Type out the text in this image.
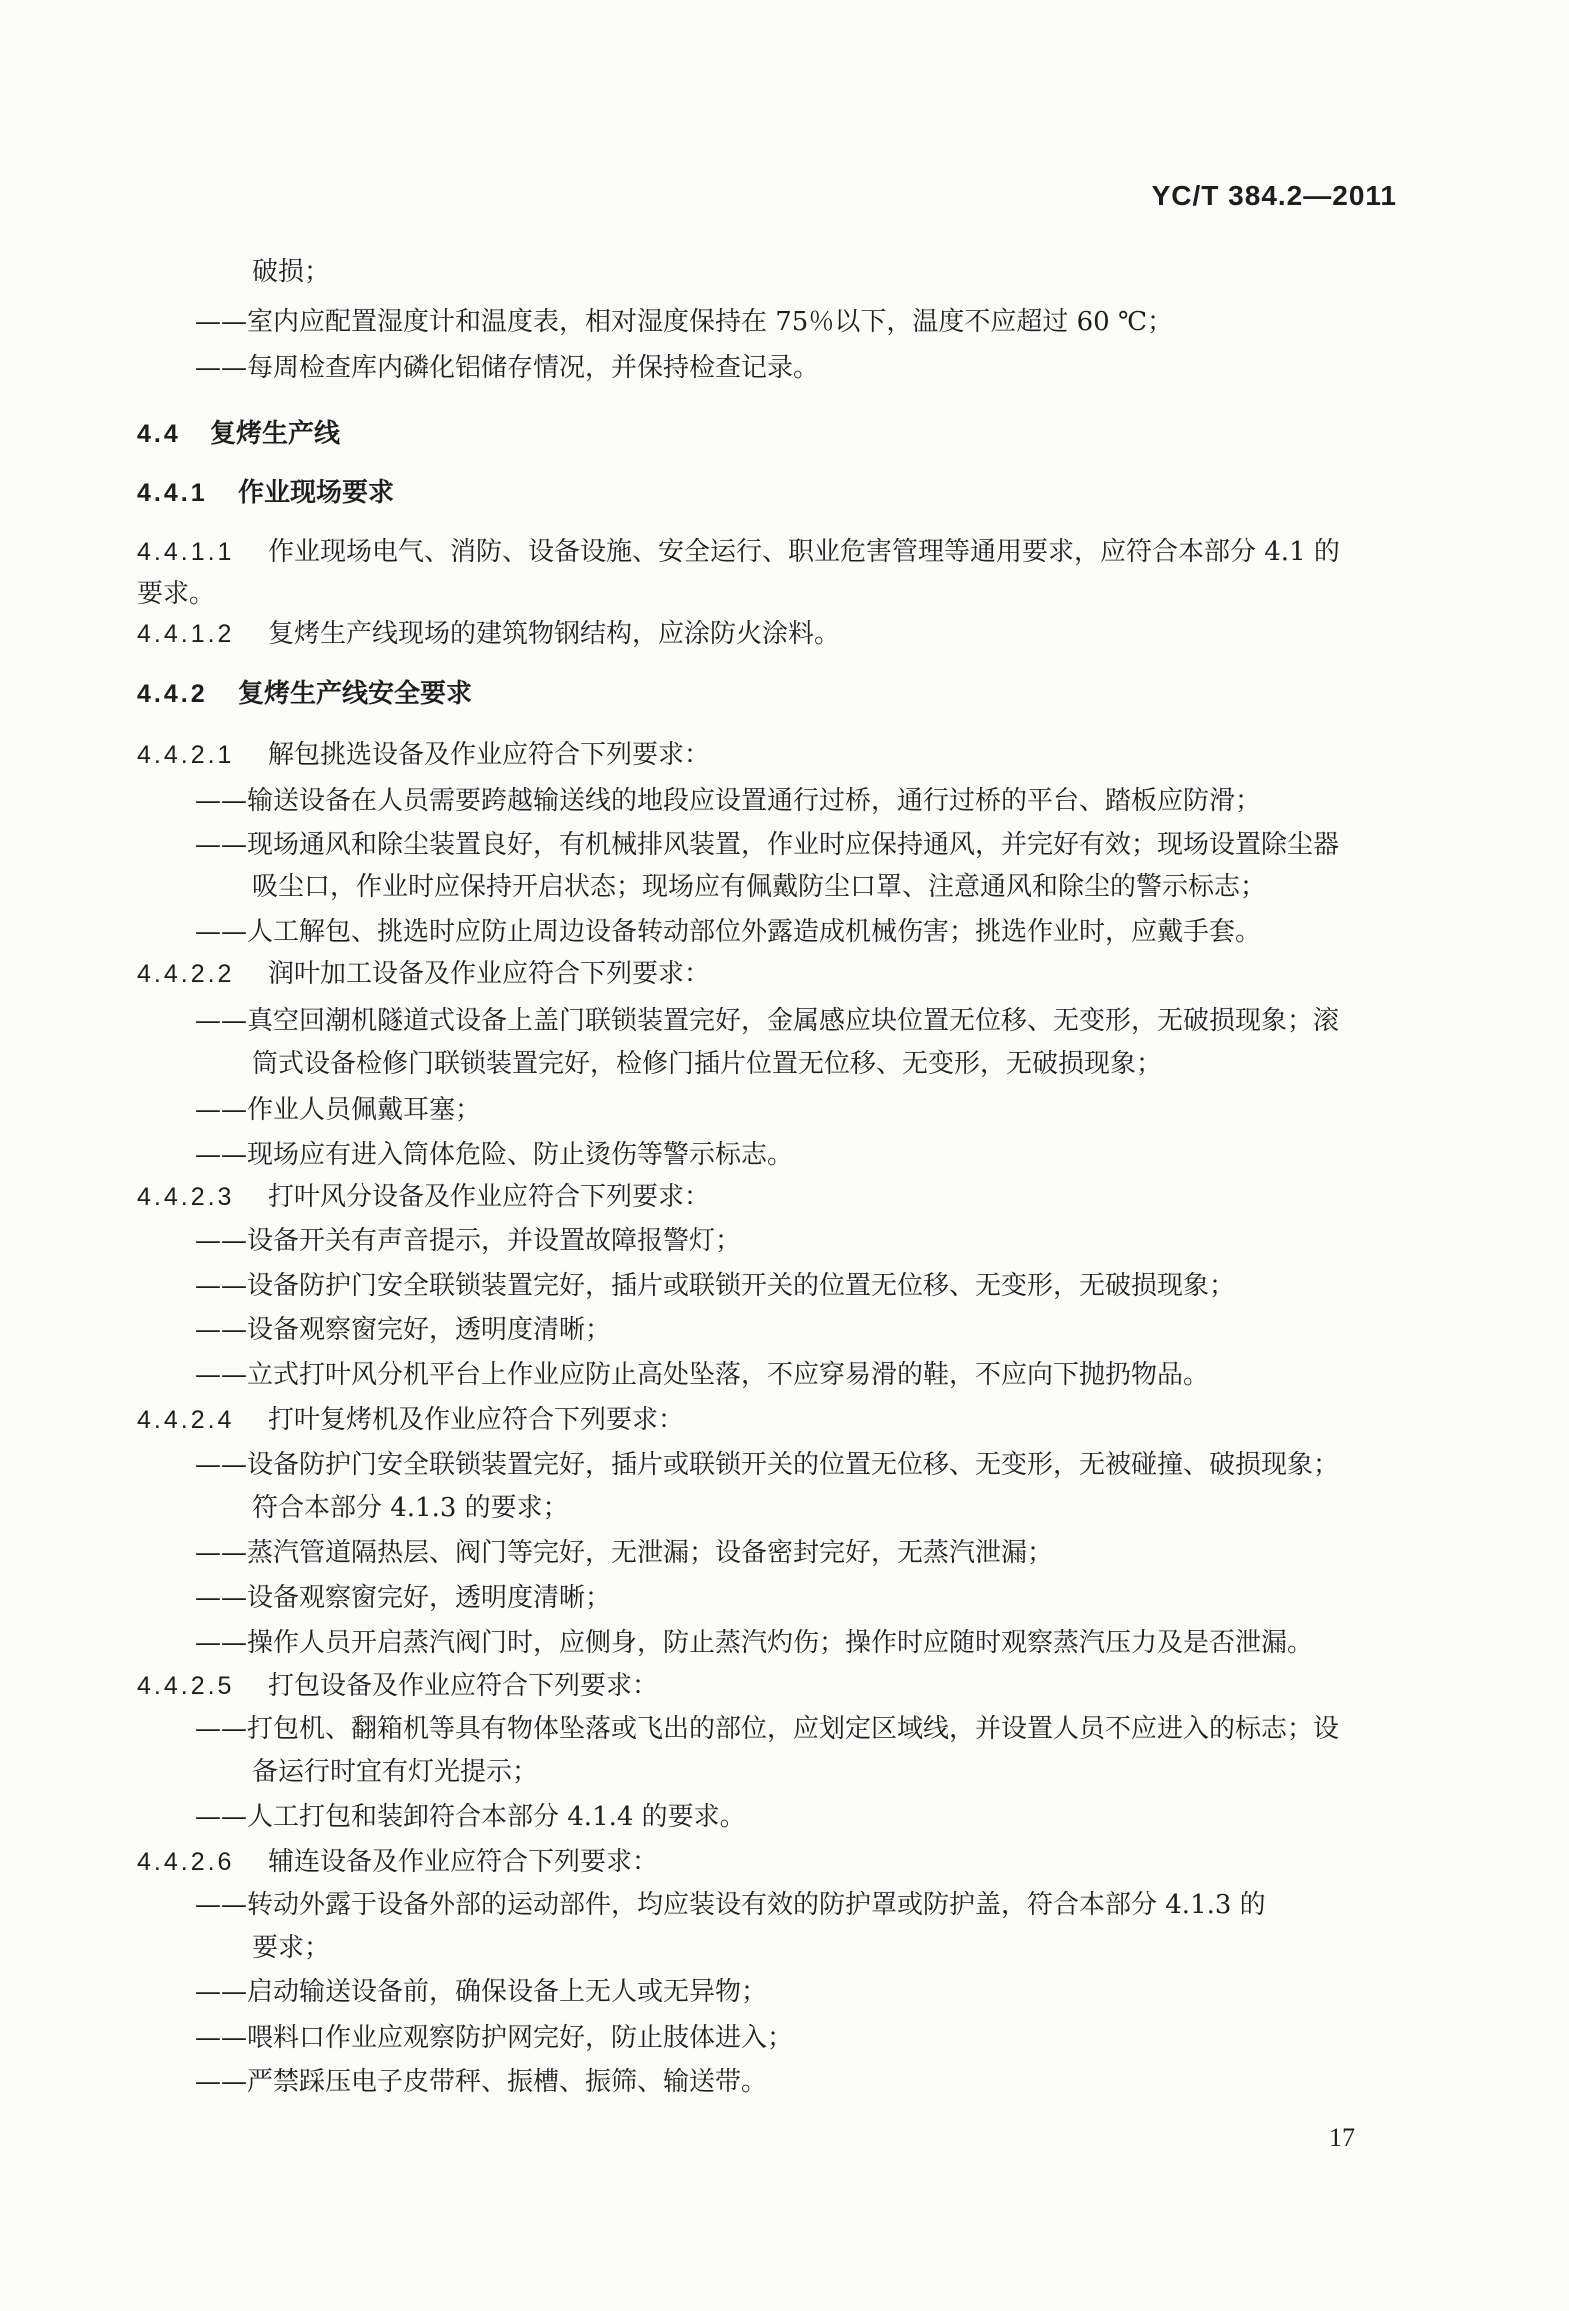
YC/T 384.2—2011
破损；
——室内应配置湿度计和温度表，相对湿度保持在 75％以下，温度不应超过 60 ℃；
——每周检查库内磷化铝储存情况，并保持检查记录。
4.4 复烤生产线
4.4.1 作业现场要求
4.4.1.1 作业现场电气、消防、设备设施、安全运行、职业危害管理等通用要求，应符合本部分 4.1 的
要求。
4.4.1.2 复烤生产线现场的建筑物钢结构，应涂防火涂料。
4.4.2 复烤生产线安全要求
4.4.2.1 解包挑选设备及作业应符合下列要求：
——输送设备在人员需要跨越输送线的地段应设置通行过桥，通行过桥的平台、踏板应防滑；
——现场通风和除尘装置良好，有机械排风装置，作业时应保持通风，并完好有效；现场设置除尘器
吸尘口，作业时应保持开启状态；现场应有佩戴防尘口罩、注意通风和除尘的警示标志；
——人工解包、挑选时应防止周边设备转动部位外露造成机械伤害；挑选作业时，应戴手套。
4.4.2.2 润叶加工设备及作业应符合下列要求：
——真空回潮机隧道式设备上盖门联锁装置完好，金属感应块位置无位移、无变形，无破损现象；滚
筒式设备检修门联锁装置完好，检修门插片位置无位移、无变形，无破损现象；
——作业人员佩戴耳塞；
——现场应有进入筒体危险、防止烫伤等警示标志。
4.4.2.3 打叶风分设备及作业应符合下列要求：
——设备开关有声音提示，并设置故障报警灯；
——设备防护门安全联锁装置完好，插片或联锁开关的位置无位移、无变形，无破损现象；
——设备观察窗完好，透明度清晰；
——立式打叶风分机平台上作业应防止高处坠落，不应穿易滑的鞋，不应向下抛扔物品。
4.4.2.4 打叶复烤机及作业应符合下列要求：
——设备防护门安全联锁装置完好，插片或联锁开关的位置无位移、无变形，无被碰撞、破损现象；
符合本部分 4.1.3 的要求；
——蒸汽管道隔热层、阀门等完好，无泄漏；设备密封完好，无蒸汽泄漏；
——设备观察窗完好，透明度清晰；
——操作人员开启蒸汽阀门时，应侧身，防止蒸汽灼伤；操作时应随时观察蒸汽压力及是否泄漏。
4.4.2.5 打包设备及作业应符合下列要求：
——打包机、翻箱机等具有物体坠落或飞出的部位，应划定区域线，并设置人员不应进入的标志；设
备运行时宜有灯光提示；
——人工打包和装卸符合本部分 4.1.4 的要求。
4.4.2.6 辅连设备及作业应符合下列要求：
——转动外露于设备外部的运动部件，均应装设有效的防护罩或防护盖，符合本部分 4.1.3 的
要求；
——启动输送设备前，确保设备上无人或无异物；
——喂料口作业应观察防护网完好，防止肢体进入；
——严禁踩压电子皮带秤、振槽、振筛、输送带。
17
